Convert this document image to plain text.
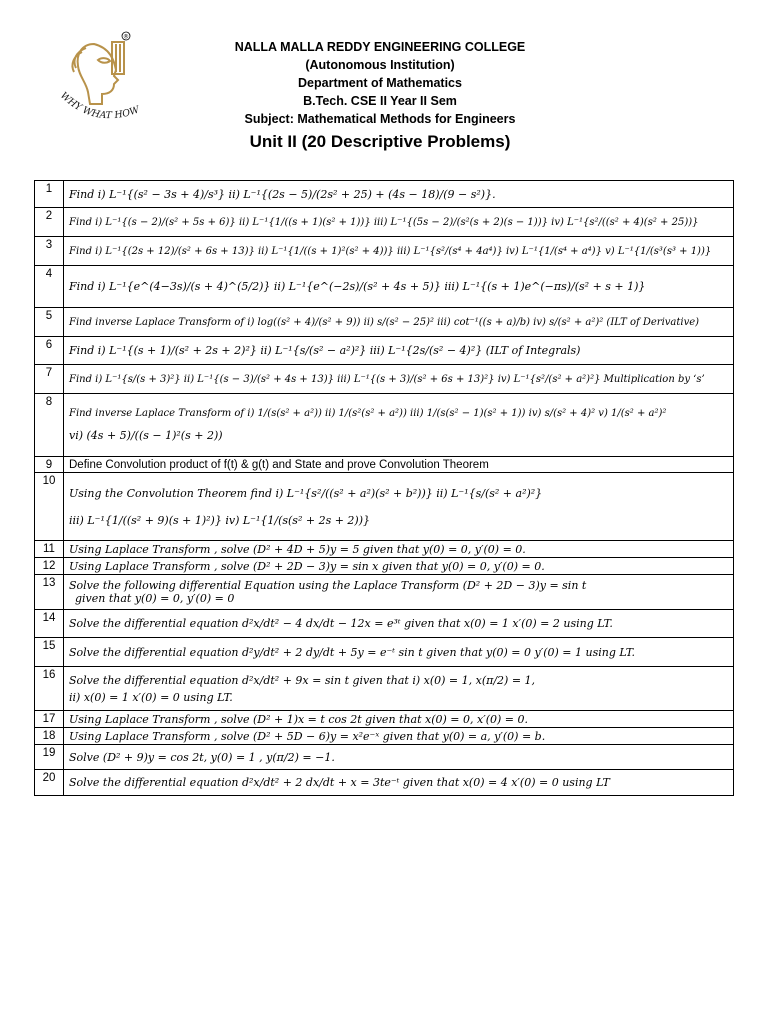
®
WHY WHAT HOW
NALLA MALLA REDDY ENGINEERING COLLEGE
(Autonomous Institution)
Department of Mathematics
B.Tech. CSE II Year II Sem
Subject: Mathematical Methods for Engineers
Unit II (20 Descriptive Problems)
1	Find i) L⁻¹{(s² − 3s + 4)/s³} ii) L⁻¹{(2s − 5)/(2s² + 25) + (4s − 18)/(9 − s²)}.
2	Find i) L⁻¹{(s − 2)/(s² + 5s + 6)} ii) L⁻¹{1/((s + 1)(s² + 1))} iii) L⁻¹{(5s − 2)/(s²(s + 2)(s − 1))} iv) L⁻¹{s²/((s² + 4)(s² + 25))}
3	Find i) L⁻¹{(2s + 12)/(s² + 6s + 13)} ii) L⁻¹{1/((s + 1)²(s² + 4))} iii) L⁻¹{s²/(s⁴ + 4a⁴)} iv) L⁻¹{1/(s⁴ + a⁴)} v) L⁻¹{1/(s³(s³ + 1))}
4	Find i) L⁻¹{e^(4−3s)/(s + 4)^(5/2)} ii) L⁻¹{e^(−2s)/(s² + 4s + 5)} iii) L⁻¹{(s + 1)e^(−πs)/(s² + s + 1)}
5	Find inverse Laplace Transform of i) log((s² + 4)/(s² + 9)) ii) s/(s² − 25)² iii) cot⁻¹((s + a)/b) iv) s/(s² + a²)² (ILT of Derivative)
6	Find i) L⁻¹{(s + 1)/(s² + 2s + 2)²} ii) L⁻¹{s/(s² − a²)²} iii) L⁻¹{2s/(s² − 4)²} (ILT of Integrals)
7	Find i) L⁻¹{s/(s + 3)²} ii) L⁻¹{(s − 3)/(s² + 4s + 13)} iii) L⁻¹{(s + 3)/(s² + 6s + 13)²} iv) L⁻¹{s²/(s² + a²)²} Multiplication by ‘s’
8	Find inverse Laplace Transform of i) 1/(s(s² + a²)) ii) 1/(s²(s² + a²)) iii) 1/(s(s² − 1)(s² + 1)) iv) s/(s² + 4)² v) 1/(s² + a²)²
vi) (4s + 5)/((s − 1)²(s + 2))

9	Define Convolution product of f(t) & g(t) and State and prove Convolution Theorem
10	Using the Convolution Theorem find i) L⁻¹{s²/((s² + a²)(s² + b²))} ii) L⁻¹{s/(s² + a²)²}
iii) L⁻¹{1/((s² + 9)(s + 1)²)} iv) L⁻¹{1/(s(s² + 2s + 2))}

11	Using Laplace Transform , solve (D² + 4D + 5)y = 5 given that y(0) = 0, y′(0) = 0.
12	Using Laplace Transform , solve (D² + 2D − 3)y = sin x given that y(0) = 0, y′(0) = 0.
13	Solve the following differential Equation using the Laplace Transform (D² + 2D − 3)y = sin t
given that y(0) = 0, y′(0) = 0

14	Solve the differential equation d²x/dt² − 4 dx/dt − 12x = e³ᵗ given that x(0) = 1 x′(0) = 2 using LT.
15	Solve the differential equation d²y/dt² + 2 dy/dt + 5y = e⁻ᵗ sin t given that y(0) = 0 y′(0) = 1 using LT.
16	Solve the differential equation d²x/dt² + 9x = sin t given that i) x(0) = 1, x(π/2) = 1,
ii) x(0) = 1 x′(0) = 0 using LT.

17	Using Laplace Transform , solve (D² + 1)x = t cos 2t given that x(0) = 0, x′(0) = 0.
18	Using Laplace Transform , solve (D² + 5D − 6)y = x²e⁻ˣ given that y(0) = a, y′(0) = b.
19	Solve (D² + 9)y = cos 2t, y(0) = 1 , y(π/2) = −1.
20	Solve the differential equation d²x/dt² + 2 dx/dt + x = 3te⁻ᵗ given that x(0) = 4 x′(0) = 0 using LT
